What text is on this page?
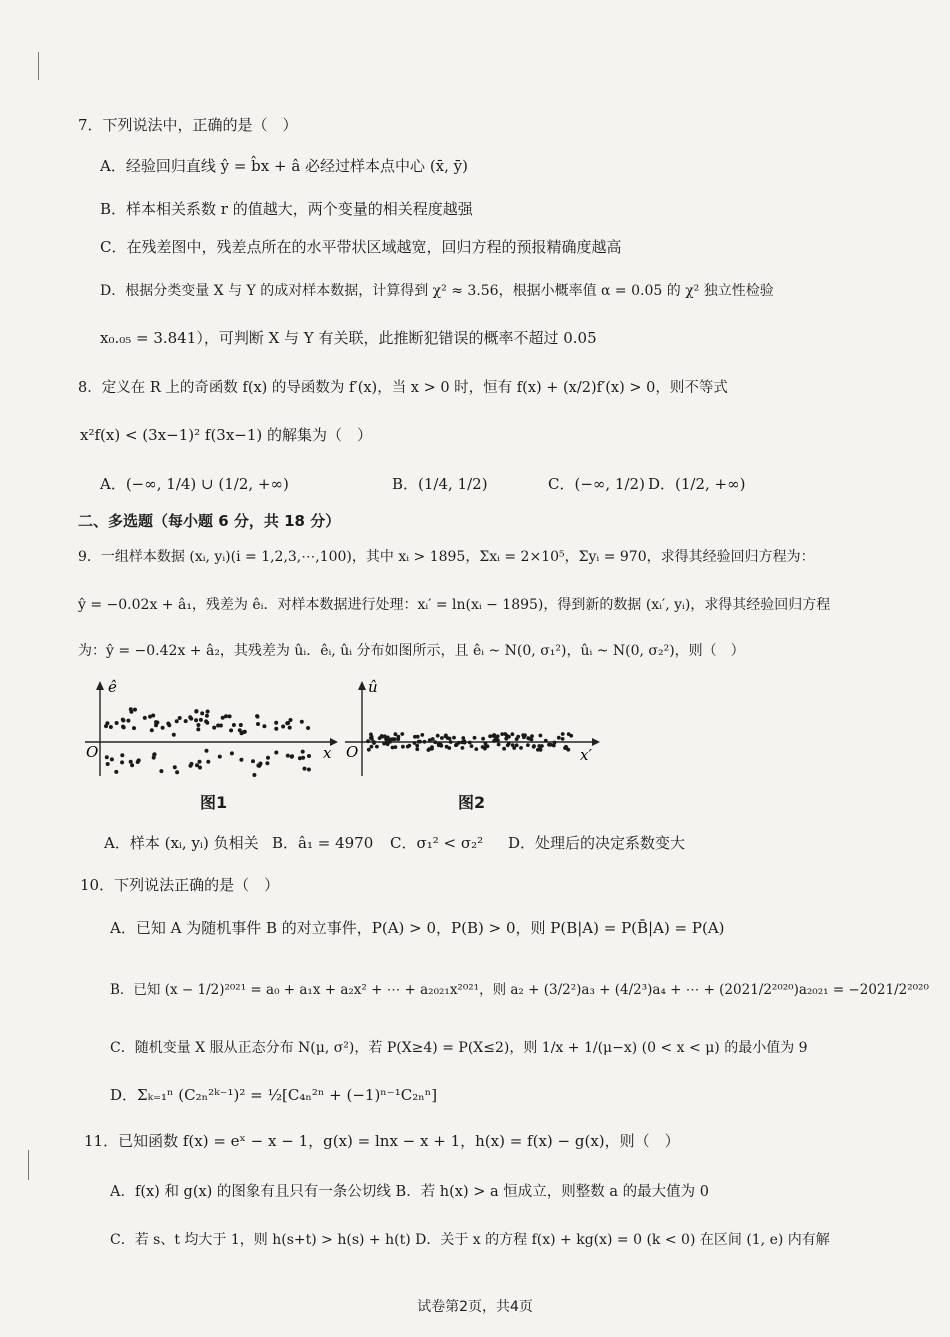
7．下列说法中，正确的是（　）
A．经验回归直线 ŷ = b̂x + â 必经过样本点中心 (x̄, ȳ)
B．样本相关系数 r 的值越大，两个变量的相关程度越强
C．在残差图中，残差点所在的水平带状区域越宽，回归方程的预报精确度越高
D．根据分类变量 X 与 Y 的成对样本数据，计算得到 χ² ≈ 3.56，根据小概率值 α = 0.05 的 χ² 独立性检验
x₀.₀₅ = 3.841），可判断 X 与 Y 有关联，此推断犯错误的概率不超过 0.05
8．定义在 R 上的奇函数 f(x) 的导函数为 f′(x)，当 x > 0 时，恒有 f(x) + (x/2)f′(x) > 0，则不等式
x²f(x) < (3x−1)² f(3x−1) 的解集为（　）
A．(−∞, 1/4) ∪ (1/2, +∞)	B．(1/4, 1/2)	C．(−∞, 1/2) D．(1/2, +∞)
二、多选题（每小题 6 分，共 18 分）
9．一组样本数据 (xᵢ, yᵢ)(i = 1,2,3,⋯,100)，其中 xᵢ > 1895，Σxᵢ = 2×10⁵，Σyᵢ = 970，求得其经验回归方程为：
ŷ = −0.02x + â₁，残差为 êᵢ．对样本数据进行处理：xᵢ′ = ln(xᵢ − 1895)，得到新的数据 (xᵢ′, yᵢ)，求得其经验回归方程
为：ŷ = −0.42x + â₂，其残差为 ûᵢ．êᵢ, ûᵢ 分布如图所示，且 êᵢ ~ N(0, σ₁²)，ûᵢ ~ N(0, σ₂²)，则（　）
ê
O	x
图1
û
O	x′
图2
A．样本 (xᵢ, yᵢ) 负相关 B．â₁ = 4970 C．σ₁² < σ₂² D．处理后的决定系数变大
10．下列说法正确的是（　）
A．已知 A 为随机事件 B 的对立事件，P(A) > 0，P(B) > 0，则 P(B|A) = P(B̄|A) = P(A)
B．已知 (x − 1/2)²⁰²¹ = a₀ + a₁x + a₂x² + ⋯ + a₂₀₂₁x²⁰²¹，则 a₂ + (3/2²)a₃ + (4/2³)a₄ + ⋯ + (2021/2²⁰²⁰)a₂₀₂₁ = −2021/2²⁰²⁰
C．随机变量 X 服从正态分布 N(μ, σ²)，若 P(X≥4) = P(X≤2)，则 1/x + 1/(μ−x) (0 < x < μ) 的最小值为 9
D．Σₖ₌₁ⁿ (C₂ₙ²ᵏ⁻¹)² = ½[C₄ₙ²ⁿ + (−1)ⁿ⁻¹C₂ₙⁿ]
11．已知函数 f(x) = eˣ − x − 1，g(x) = lnx − x + 1，h(x) = f(x) − g(x)，则（　）
A．f(x) 和 g(x) 的图象有且只有一条公切线 B．若 h(x) > a 恒成立，则整数 a 的最大值为 0
C．若 s、t 均大于 1，则 h(s+t) > h(s) + h(t) D．关于 x 的方程 f(x) + kg(x) = 0 (k < 0) 在区间 (1, e) 内有解
试卷第2页，共4页
